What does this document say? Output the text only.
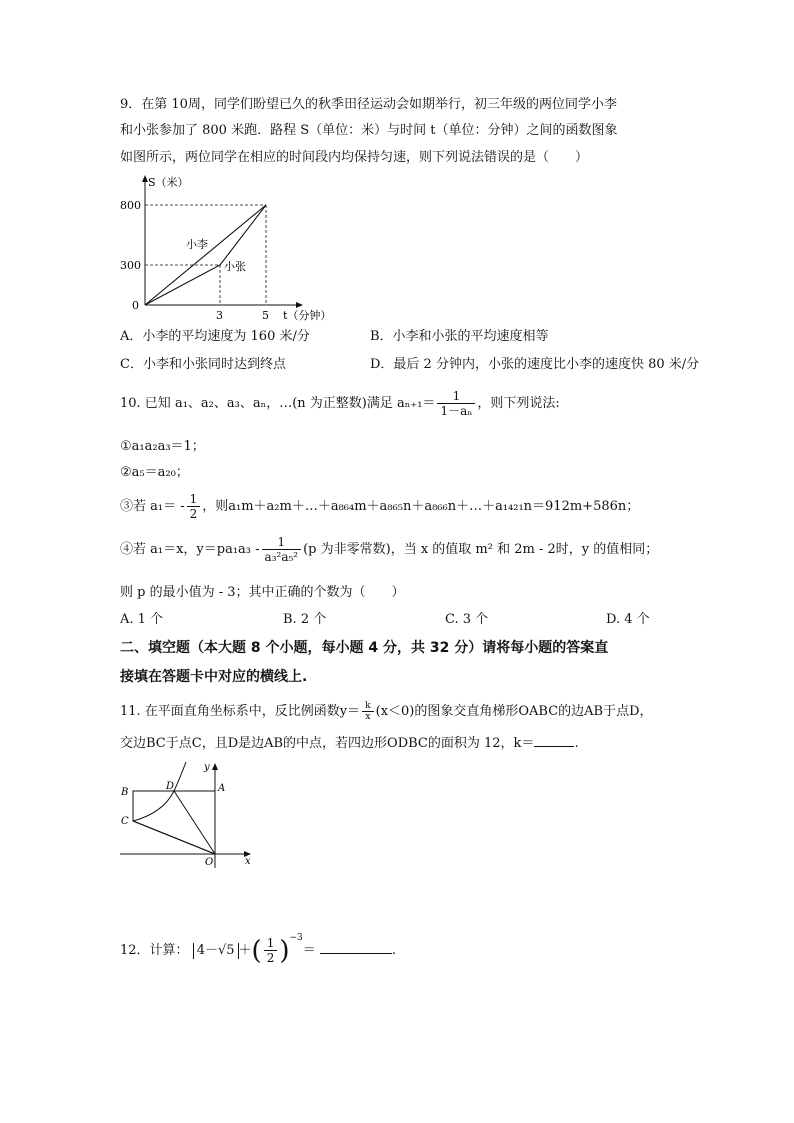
9．在第 10周，同学们盼望已久的秋季田径运动会如期举行，初三年级的两位同学小李
和小张参加了 800 米跑．路程 S（单位：米）与时间 t（单位：分钟）之间的函数图象
如图所示，两位同学在相应的时间段内均保持匀速，则下列说法错误的是（　　）
S（米）
t（分钟）
800
300
0
3	5
小李
小张
A．小李的平均速度为 160 米/分	B．小李和小张的平均速度相等
C．小李和小张同时达到终点	D．最后 2 分钟内，小张的速度比小李的速度快 80 米/分
10. 已知 a₁、a₂、a₃、aₙ，…(n 为正整数)满足 $a_{n+1}= \frac{1}{\text{1－aₙ}}$ ，则下列说法:
①a₁a₂a₃＝1；
②a₅＝a₂₀；
③若 $a_1= - \frac{1}{2}$ ，则a₁m＋a₂m＋…＋a₈₆₄m＋a₈₆₅n＋a₈₆₆n＋…＋a₁₄₂₁n＝912m+586n；
④若 a₁＝x，$y=pa_1a_3 - \frac{1}{\text{a₃²a₅²}} (p$ 为非零常数)，当 x 的值取 m² 和 2m - 2时，y 的值相同；
则 p 的最小值为 - 3；其中正确的个数为（　　）
A. 1 个	B. 2 个	C. 3 个	D. 4 个
二、填空题（本大题 8 个小题，每小题 4 分，共 32 分）请将每小题的答案直
接填在答题卡中对应的横线上.
11. 在平面直角坐标系中，反比例函数$y= \frac{k}{x} (x<0)$的图象交直角梯形OABC的边AB于点D，
交边BC于点C，且D是边AB的中点，若四边形ODBC的面积为 12，k＝	.
B
D	A
C
O	x
y
12．计算： 4－√5 ＋( $\frac{1}{2} )^{-3}=$	.
